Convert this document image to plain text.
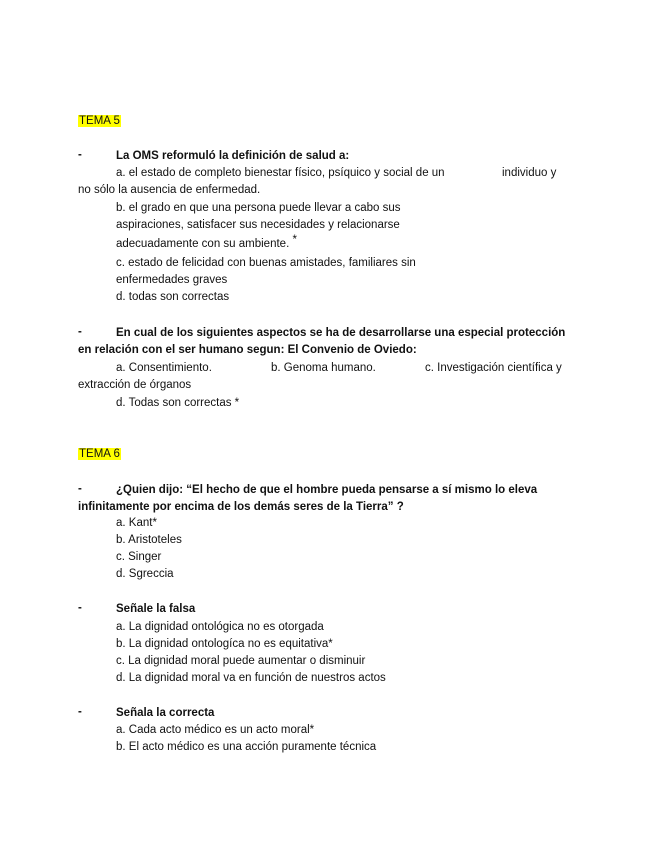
TEMA 5
-	La OMS reformuló la definición de salud a:
a. el estado de completo bienestar físico, psíquico y social de un	individuo y
no sólo la ausencia de enfermedad.
b. el grado en que una persona puede llevar a cabo sus
aspiraciones, satisfacer sus necesidades y relacionarse
adecuadamente con su ambiente. *
c. estado de felicidad con buenas amistades, familiares sin
enfermedades graves
d. todas son correctas
-	En cual de los siguientes aspectos se ha de desarrollarse una especial protección
en relación con el ser humano segun: El Convenio de Oviedo:
a. Consentimiento.	b. Genoma humano.	c. Investigación científica y
extracción de órganos
d. Todas son correctas *
TEMA 6
-	¿Quien dijo: “El hecho de que el hombre pueda pensarse a sí mismo lo eleva
infinitamente por encima de los demás seres de la Tierra” ?
a. Kant*
b. Aristoteles
c. Singer
d. Sgreccia
-	Señale la falsa
a. La dignidad ontológica no es otorgada
b. La dignidad ontologíca no es equitativa*
c. La dignidad moral puede aumentar o disminuir
d. La dignidad moral va en función de nuestros actos
-	Señala la correcta
a. Cada acto médico es un acto moral*
b. El acto médico es una acción puramente técnica
